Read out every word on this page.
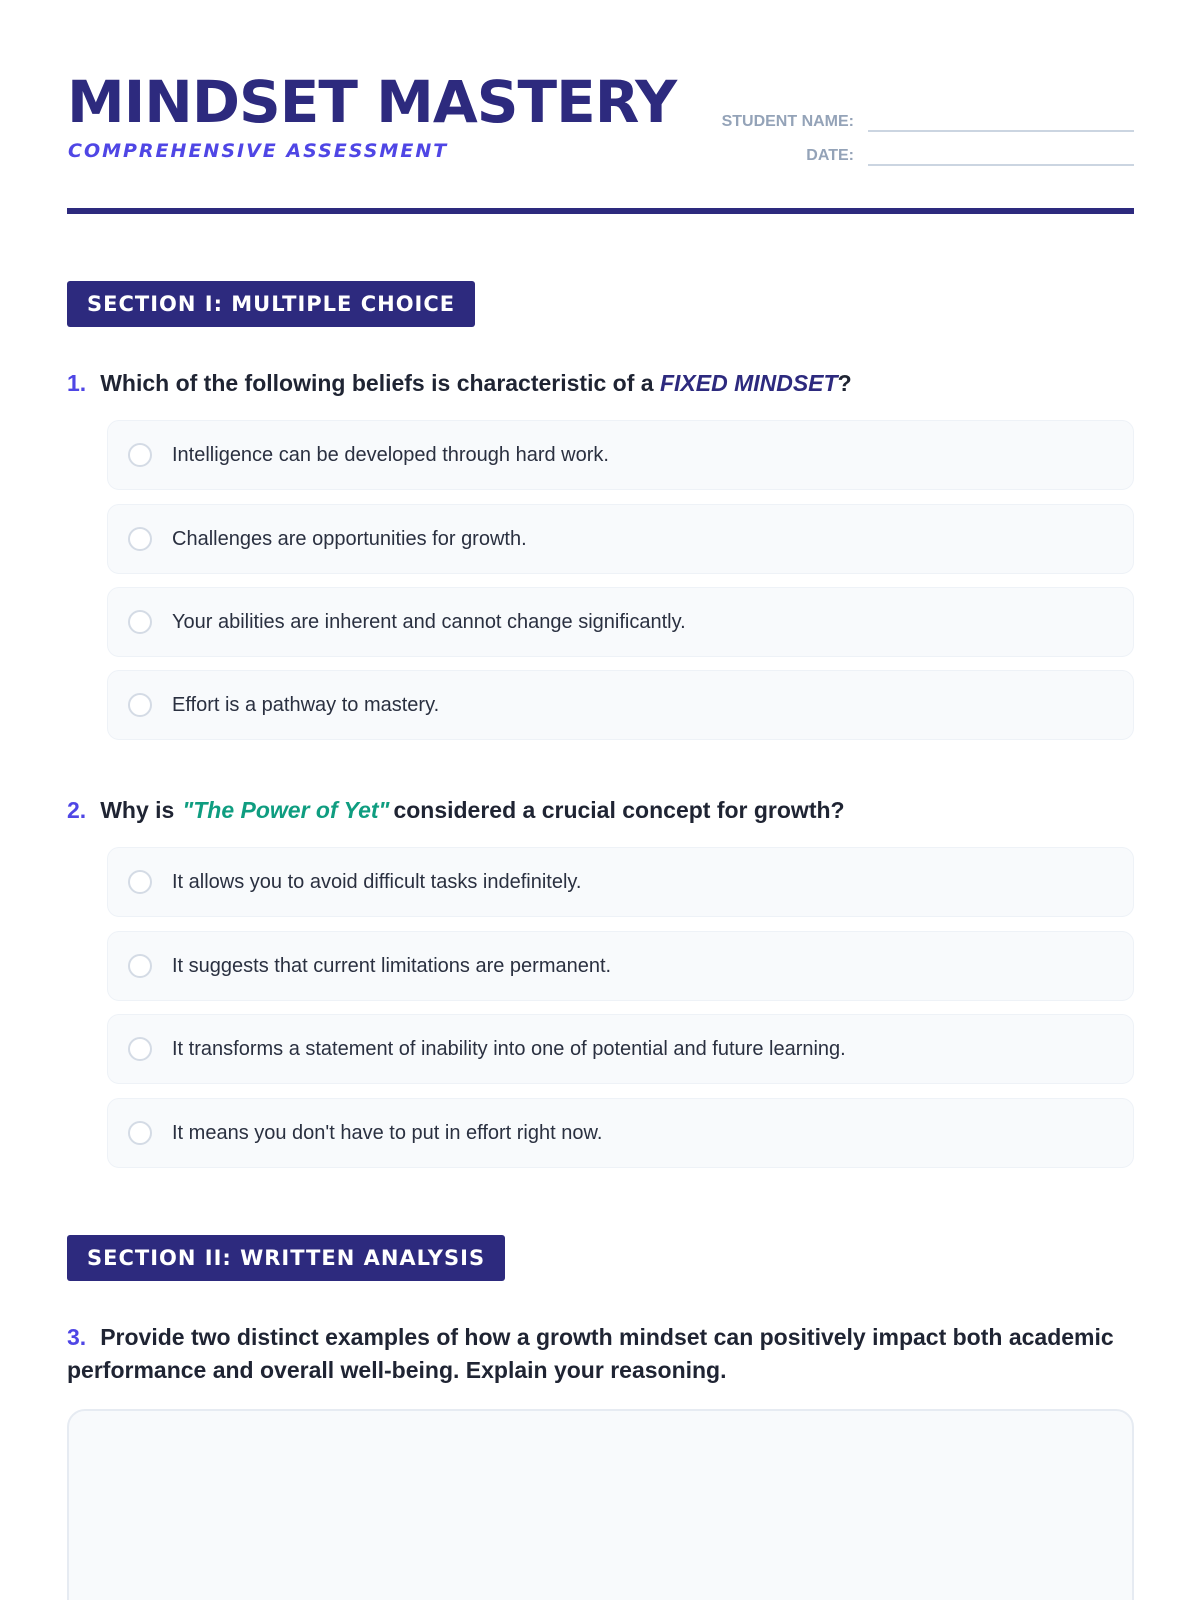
MINDSET MASTERY
COMPREHENSIVE ASSESSMENT
STUDENT NAME:
DATE:
SECTION I: MULTIPLE CHOICE
1. Which of the following beliefs is characteristic of a FIXED MINDSET?
Intelligence can be developed through hard work.
Challenges are opportunities for growth.
Your abilities are inherent and cannot change significantly.
Effort is a pathway to mastery.
2. Why is "The Power of Yet" considered a crucial concept for growth?
It allows you to avoid difficult tasks indefinitely.
It suggests that current limitations are permanent.
It transforms a statement of inability into one of potential and future learning.
It means you don't have to put in effort right now.
SECTION II: WRITTEN ANALYSIS
3. Provide two distinct examples of how a growth mindset can positively impact both academic performance and overall well-being. Explain your reasoning.
